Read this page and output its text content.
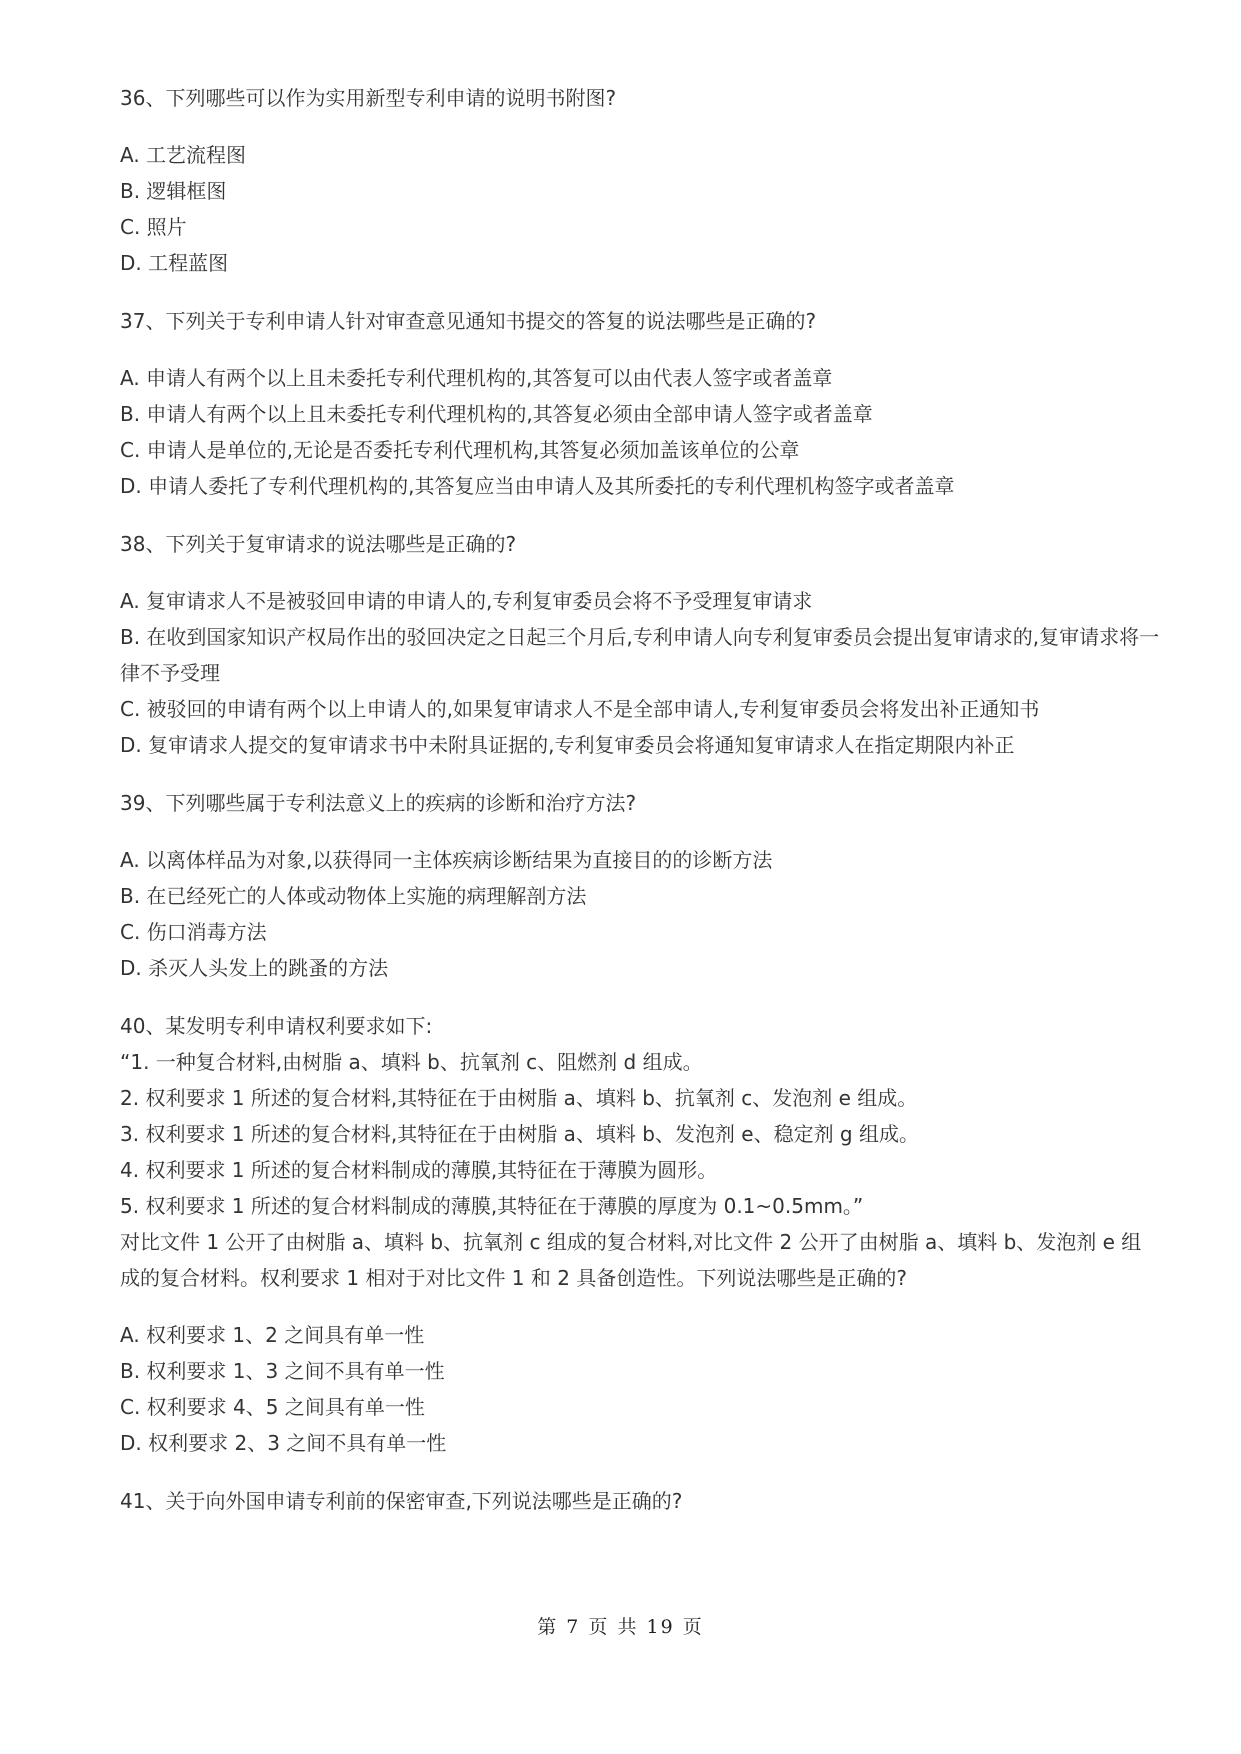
36、下列哪些可以作为实用新型专利申请的说明书附图?

A. 工艺流程图

B. 逻辑框图

C. 照片

D. 工程蓝图

37、下列关于专利申请人针对审查意见通知书提交的答复的说法哪些是正确的?

A. 申请人有两个以上且未委托专利代理机构的,其答复可以由代表人签字或者盖章

B. 申请人有两个以上且未委托专利代理机构的,其答复必须由全部申请人签字或者盖章

C. 申请人是单位的,无论是否委托专利代理机构,其答复必须加盖该单位的公章

D. 申请人委托了专利代理机构的,其答复应当由申请人及其所委托的专利代理机构签字或者盖章

38、下列关于复审请求的说法哪些是正确的?

A. 复审请求人不是被驳回申请的申请人的,专利复审委员会将不予受理复审请求

B. 在收到国家知识产权局作出的驳回决定之日起三个月后,专利申请人向专利复审委员会提出复审请求的,复审请求将一律不予受理

C. 被驳回的申请有两个以上申请人的,如果复审请求人不是全部申请人,专利复审委员会将发出补正通知书

D. 复审请求人提交的复审请求书中未附具证据的,专利复审委员会将通知复审请求人在指定期限内补正

39、下列哪些属于专利法意义上的疾病的诊断和治疗方法?

A. 以离体样品为对象,以获得同一主体疾病诊断结果为直接目的的诊断方法

B. 在已经死亡的人体或动物体上实施的病理解剖方法

C. 伤口消毒方法

D. 杀灭人头发上的跳蚤的方法

40、某发明专利申请权利要求如下:

“1. 一种复合材料,由树脂 a、填料 b、抗氧剂 c、阻燃剂 d 组成。

2. 权利要求 1 所述的复合材料,其特征在于由树脂 a、填料 b、抗氧剂 c、发泡剂 e 组成。

3. 权利要求 1 所述的复合材料,其特征在于由树脂 a、填料 b、发泡剂 e、稳定剂 g 组成。

4. 权利要求 1 所述的复合材料制成的薄膜,其特征在于薄膜为圆形。

5. 权利要求 1 所述的复合材料制成的薄膜,其特征在于薄膜的厚度为 0.1~0.5mm。”

对比文件 1 公开了由树脂 a、填料 b、抗氧剂 c 组成的复合材料,对比文件 2 公开了由树脂 a、填料 b、发泡剂 e 组成的复合材料。权利要求 1 相对于对比文件 1 和 2 具备创造性。下列说法哪些是正确的?

A. 权利要求 1、2 之间具有单一性

B. 权利要求 1、3 之间不具有单一性

C. 权利要求 4、5 之间具有单一性

D. 权利要求 2、3 之间不具有单一性

41、关于向外国申请专利前的保密审查,下列说法哪些是正确的?

第 7 页 共 19 页
